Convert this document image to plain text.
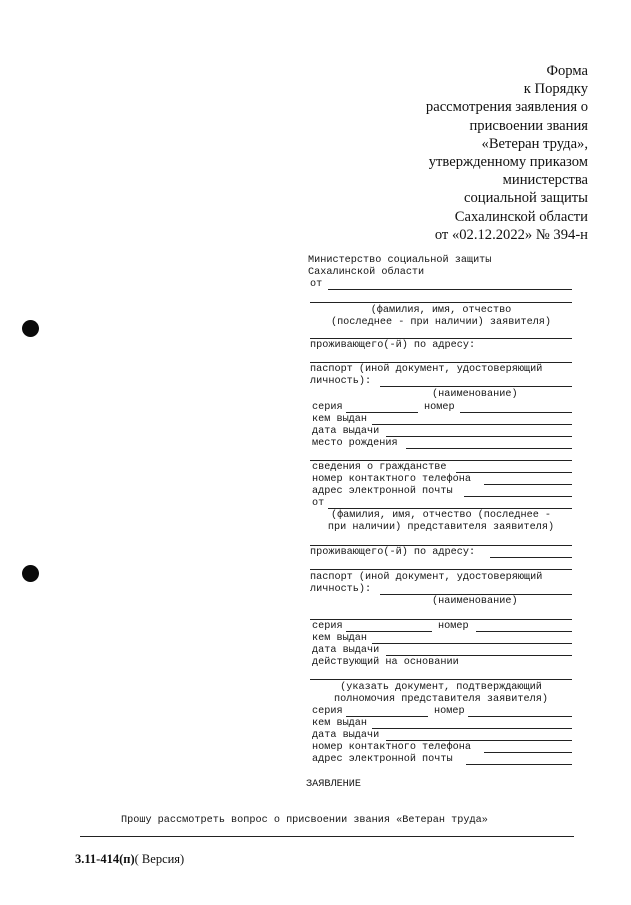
Форма
к Порядку
рассмотрения заявления о
присвоении звания
«Ветеран труда»,
утвержденному приказом
министерства
социальной защиты
Сахалинской области
от «02.12.2022» № 394-н
Министерство социальной защиты
Сахалинской области
от
(фамилия, имя, отчество
(последнее - при наличии) заявителя)
проживающего(-й) по адресу:
паспорт (иной документ, удостоверяющий
личность):
(наименование)
серия	номер
кем выдан
дата выдачи
место рождения
сведения о гражданстве
номер контактного телефона
адрес электронной почты
от
(фамилия, имя, отчество (последнее -
при наличии) представителя заявителя)
проживающего(-й) по адресу:
паспорт (иной документ, удостоверяющий
личность):
(наименование)
серия	номер
кем выдан
дата выдачи
действующий на основании
(указать документ, подтверждающий
полномочия представителя заявителя)
серия	номер
кем выдан
дата выдачи
номер контактного телефона
адрес электронной почты
ЗАЯВЛЕНИЕ
Прошу рассмотреть вопрос о присвоении звания «Ветеран труда»
3.11-414(п)( Версия)
